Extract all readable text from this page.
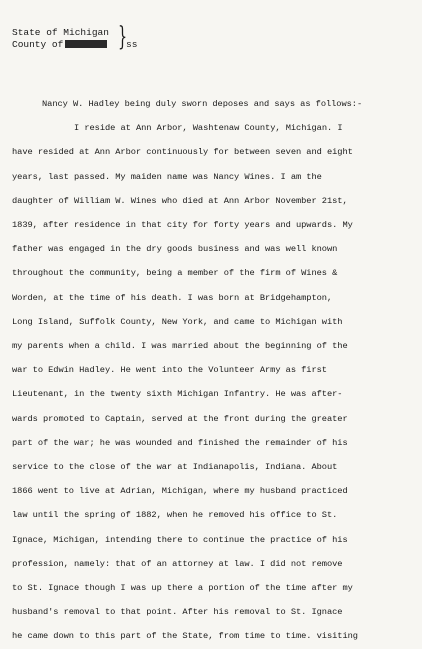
State of Michigan
County of	}
ss

Nancy W. Hadley being duly sworn deposes and says as follows:-

I reside at Ann Arbor, Washtenaw County, Michigan. I

have resided at Ann Arbor continuously for between seven and eight

years, last passed. My maiden name was Nancy Wines. I am the

daughter of William W. Wines who died at Ann Arbor November 21st,

1839, after residence in that city for forty years and upwards. My

father was engaged in the dry goods business and was well known

throughout the community, being a member of the firm of Wines &

Worden, at the time of his death. I was born at Bridgehampton,

Long Island, Suffolk County, New York, and came to Michigan with

my parents when a child. I was married about the beginning of the

war to Edwin Hadley. He went into the Volunteer Army as first

Lieutenant, in the twenty sixth Michigan Infantry. He was after-

wards promoted to Captain, served at the front during the greater

part of the war; he was wounded and finished the remainder of his

service to the close of the war at Indianapolis, Indiana. About

1866 went to live at Adrian, Michigan, where my husband practiced

law until the spring of 1882, when he removed his office to St.

Ignace, Michigan, intending there to continue the practice of his

profession, namely: that of an attorney at law. I did not remove

to St. Ignace though I was up there a portion of the time after my

husband's removal to that point. After his removal to St. Ignace

he came down to this part of the State, from time to time. visiting
